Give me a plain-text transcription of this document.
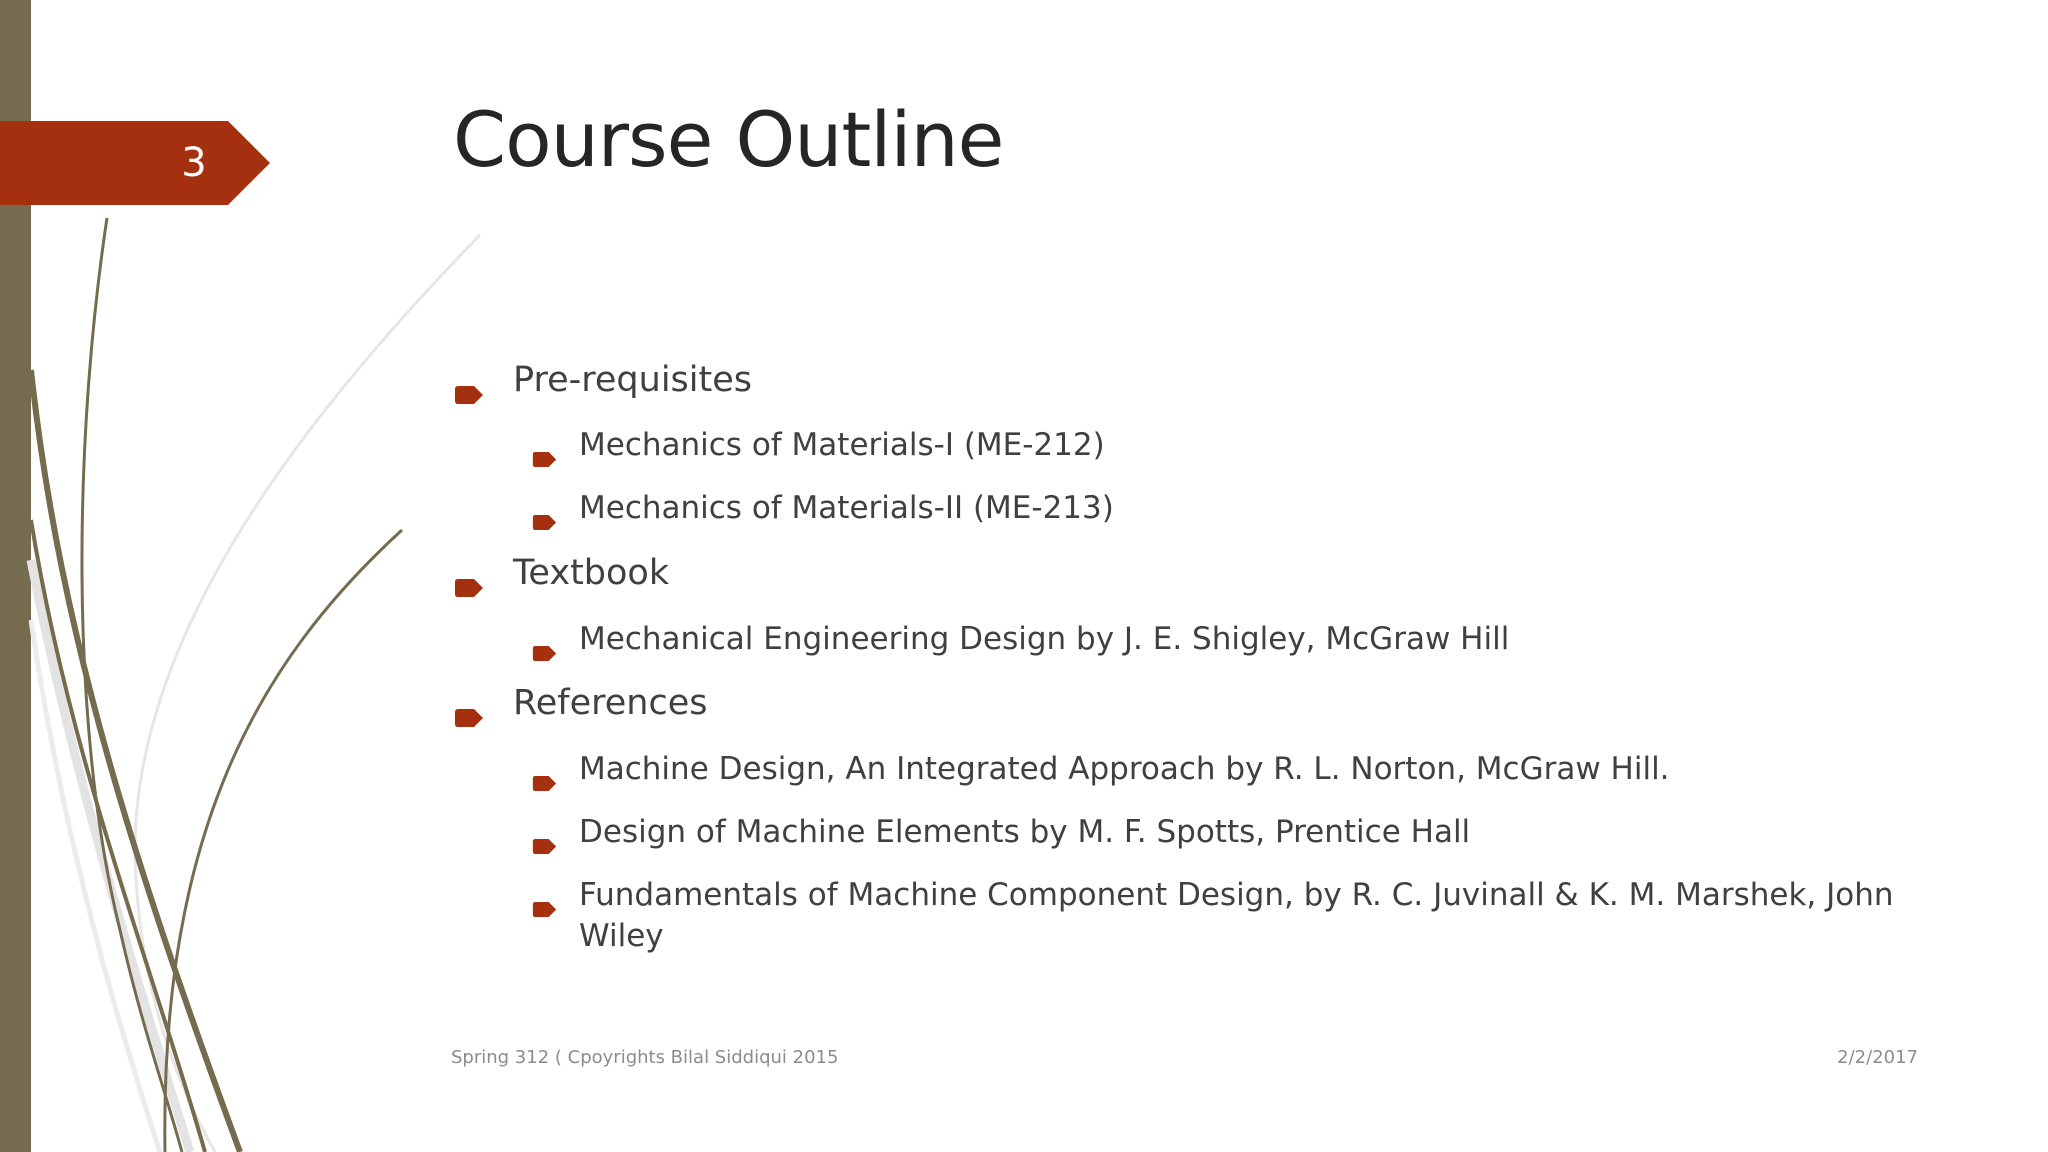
3	Course Outline
Pre-requisites
Mechanics of Materials-I (ME-212)
Mechanics of Materials-II (ME-213)
Textbook
Mechanical Engineering Design by J. E. Shigley, McGraw Hill
References
Machine Design, An Integrated Approach by R. L. Norton, McGraw Hill.
Design of Machine Elements by M. F. Spotts, Prentice Hall
Fundamentals of Machine Component Design, by R. C. Juvinall & K. M. Marshek, John Wiley
Spring 312 ( Cpoyrights Bilal Siddiqui 2015	2/2/2017
